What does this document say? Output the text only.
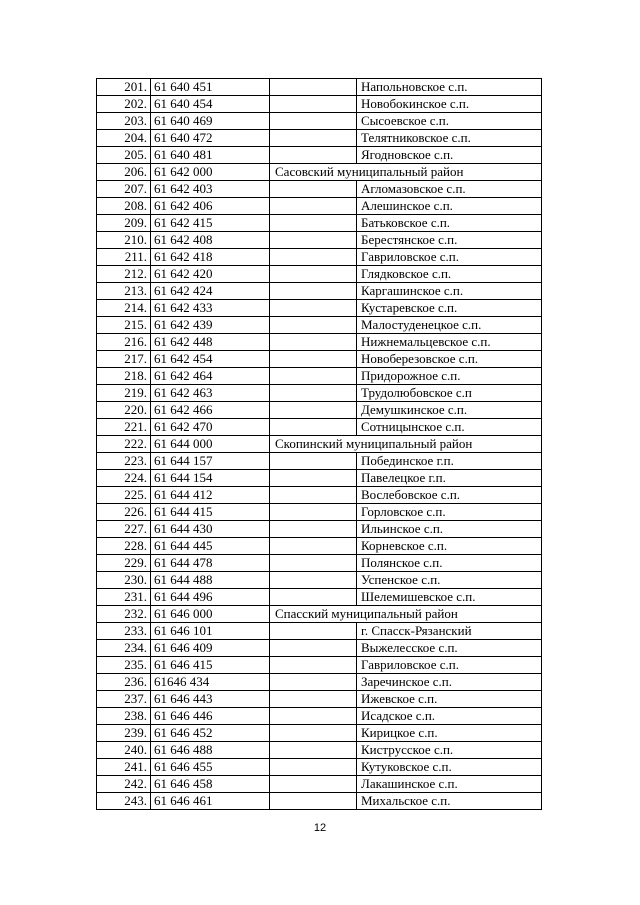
201.	61 640 451		Напольновское с.п.
202.	61 640 454		Новобокинское с.п.
203.	61 640 469		Сысоевское с.п.
204.	61 640 472		Телятниковское с.п.
205.	61 640 481		Ягодновское с.п.
206.	61 642 000	Сасовский муниципальный район	
207.	61 642 403		Агломазовское с.п.
208.	61 642 406		Алешинское с.п.
209.	61 642 415		Батьковское с.п.
210.	61 642 408		Берестянское с.п.
211.	61 642 418		Гавриловское с.п.
212.	61 642 420		Глядковское с.п.
213.	61 642 424		Каргашинское с.п.
214.	61 642 433		Кустаревское с.п.
215.	61 642 439		Малостуденецкое с.п.
216.	61 642 448		Нижнемальцевское с.п.
217.	61 642 454		Новоберезовское с.п.
218.	61 642 464		Придорожное с.п.
219.	61 642 463		Трудолюбовское с.п
220.	61 642 466		Демушкинское с.п.
221.	61 642 470		Сотницынское с.п.
222.	61 644 000	Скопинский муниципальный район	
223.	61 644 157		Побединское г.п.
224.	61 644 154		Павелецкое г.п.
225.	61 644 412		Вослебовское с.п.
226.	61 644 415		Горловское с.п.
227.	61 644 430		Ильинское с.п.
228.	61 644 445		Корневское с.п.
229.	61 644 478		Полянское с.п.
230.	61 644 488		Успенское с.п.
231.	61 644 496		Шелемишевское с.п.
232.	61 646 000	Спасский муниципальный район	
233.	61 646 101		г. Спасск-Рязанский
234.	61 646 409		Выжелесское с.п.
235.	61 646 415		Гавриловское с.п.
236.	61646 434		Заречинское с.п.
237.	61 646 443		Ижевское с.п.
238.	61 646 446		Исадское с.п.
239.	61 646 452		Кирицкое с.п.
240.	61 646 488		Киструсское с.п.
241.	61 646 455		Кутуковское с.п.
242.	61 646 458		Лакашинское с.п.
243.	61 646 461		Михальское с.п.
12
